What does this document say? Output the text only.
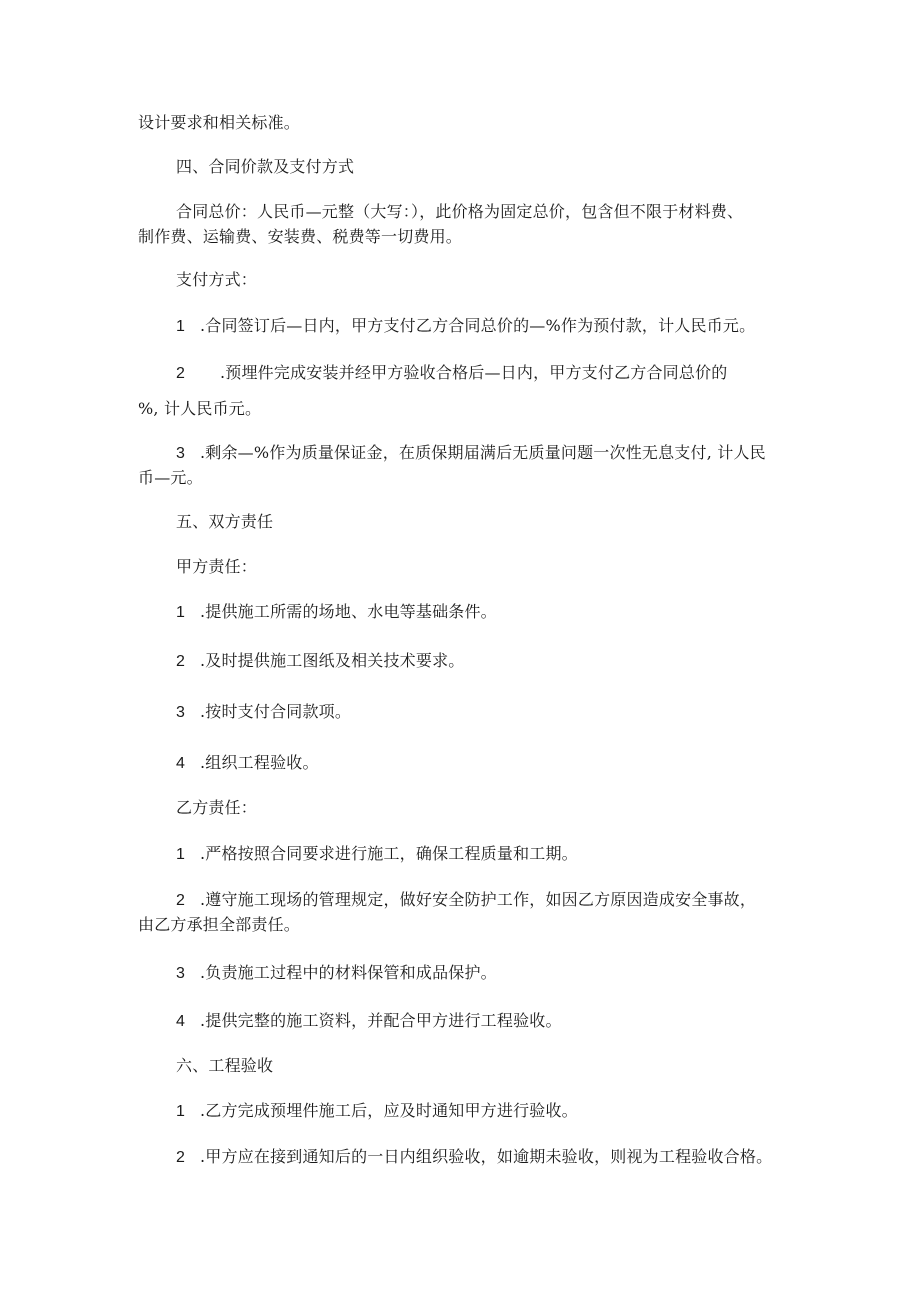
设计要求和相关标准。
四、合同价款及支付方式
合同总价：人民币—元整（大写：），此价格为固定总价，包含但不限于材料费、
制作费、运输费、安装费、税费等一切费用。
支付方式：
1 .合同签订后—日内，甲方支付乙方合同总价的—%作为预付款，计人民币元。
2 .预埋件完成安装并经甲方验收合格后—日内，甲方支付乙方合同总价的
%, 计人民币元。
3 .剩余—%作为质量保证金，在质保期届满后无质量问题一次性无息支付, 计人民
币—元。
五、双方责任
甲方责任：
1 .提供施工所需的场地、水电等基础条件。
2 .及时提供施工图纸及相关技术要求。
3 .按时支付合同款项。
4 .组织工程验收。
乙方责任：
1 .严格按照合同要求进行施工，确保工程质量和工期。
2 .遵守施工现场的管理规定，做好安全防护工作，如因乙方原因造成安全事故，
由乙方承担全部责任。
3 .负责施工过程中的材料保管和成品保护。
4 .提供完整的施工资料，并配合甲方进行工程验收。
六、工程验收
1 .乙方完成预埋件施工后，应及时通知甲方进行验收。
2 .甲方应在接到通知后的一日内组织验收，如逾期未验收，则视为工程验收合格。
